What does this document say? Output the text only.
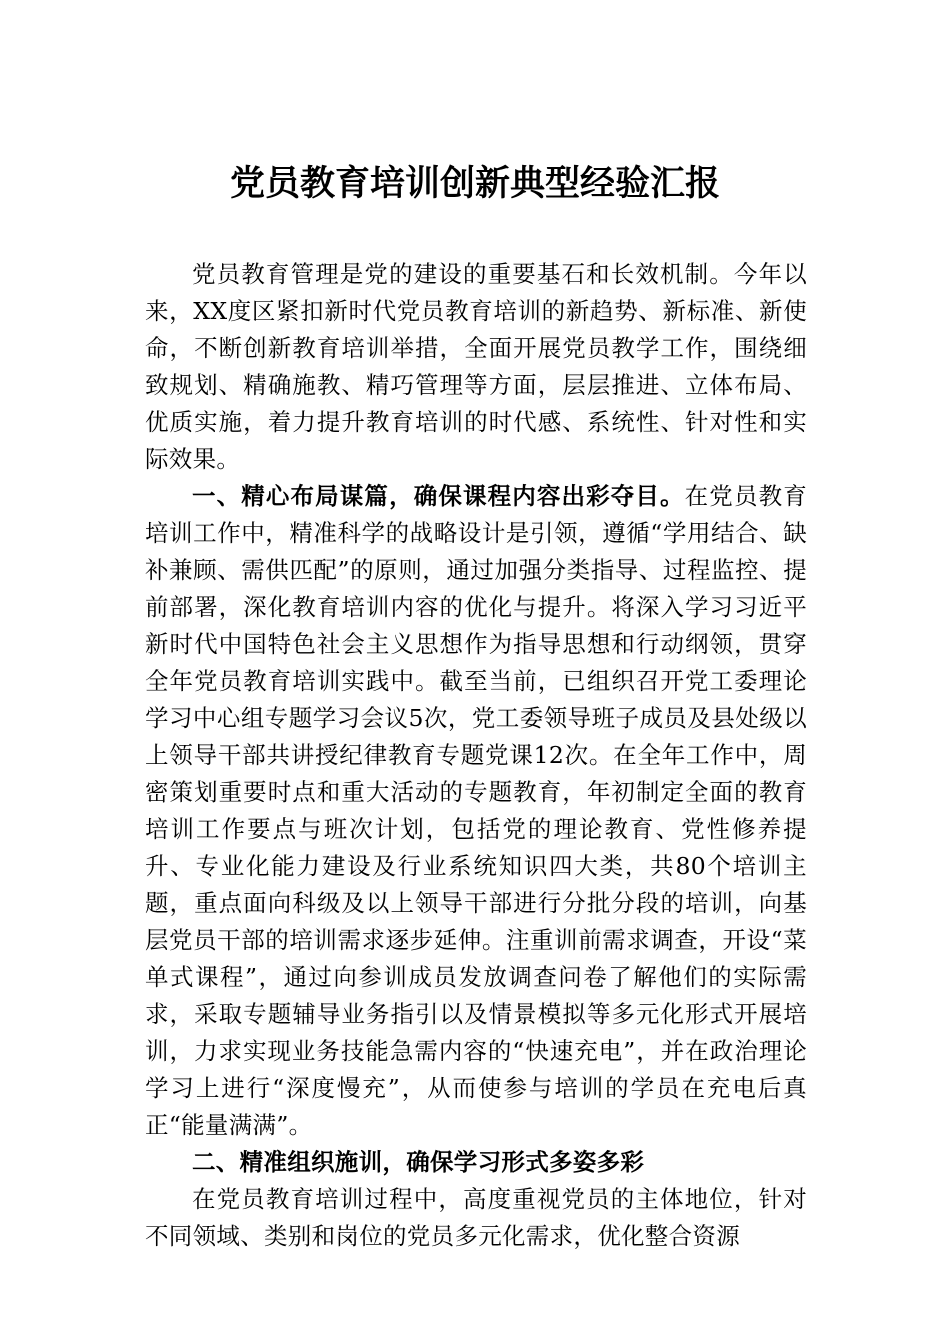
党员教育培训创新典型经验汇报

党员教育管理是党的建设的重要基石和长效机制。今年以来，XX度区紧扣新时代党员教育培训的新趋势、新标准、新使命，不断创新教育培训举措，全面开展党员教学工作，围绕细致规划、精确施教、精巧管理等方面，层层推进、立体布局、优质实施，着力提升教育培训的时代感、系统性、针对性和实际效果。

一、精心布局谋篇，确保课程内容出彩夺目。在党员教育培训工作中，精准科学的战略设计是引领，遵循“学用结合、缺补兼顾、需供匹配”的原则，通过加强分类指导、过程监控、提前部署，深化教育培训内容的优化与提升。将深入学习习近平新时代中国特色社会主义思想作为指导思想和行动纲领，贯穿全年党员教育培训实践中。截至当前，已组织召开党工委理论学习中心组专题学习会议5次，党工委领导班子成员及县处级以上领导干部共讲授纪律教育专题党课12次。在全年工作中，周密策划重要时点和重大活动的专题教育，年初制定全面的教育培训工作要点与班次计划，包括党的理论教育、党性修养提升、专业化能力建设及行业系统知识四大类，共80个培训主题，重点面向科级及以上领导干部进行分批分段的培训，向基层党员干部的培训需求逐步延伸。注重训前需求调查，开设“菜单式课程”，通过向参训成员发放调查问卷了解他们的实际需求，采取专题辅导业务指引以及情景模拟等多元化形式开展培训，力求实现业务技能急需内容的“快速充电”，并在政治理论学习上进行“深度慢充”，从而使参与培训的学员在充电后真正“能量满满”。

二、精准组织施训，确保学习形式多姿多彩

在党员教育培训过程中，高度重视党员的主体地位，针对不同领域、类别和岗位的党员多元化需求，优化整合资源
